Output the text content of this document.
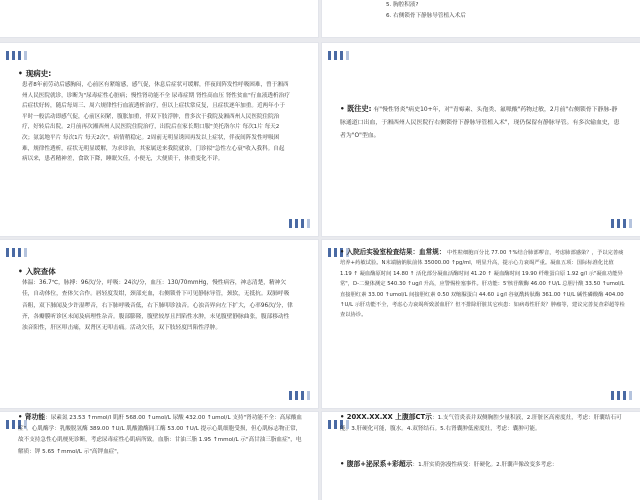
5. 胸腔积液?
6. 右侧锁骨下静脉导管植入术后
• 现病史:

患者8年前劳动后感胸闷，心前区有紧缩感，感气促，休息后症状可缓解，伴夜间阵发性呼吸困难，曾于湘西州人民医院就诊，诊断为"尿毒症性心脏病；慢性肾功能不全 尿毒症期 肾性高血压 肾性贫血"行血液透析治疗后症状好转，随后每周三、周六规律性行血液透析治疗，但以上症状常反复，且症状逐年加重。近两年小于平时一般活动即感气促，心前区闷紧，腹胀加重，伴双下肢浮肿，曾多次于我院及湘西州人民医院住院治疗，好转后出院。2月前再次湘西州人民医院住院治疗，出院后在家长期口服"美托洛尔片 每次1片 每天2次；氨氯地平片 每次1片 每天2次"，病情稍稳定。2周前无明显诱因再发以上症状，伴夜间阵发性呼吸困难，规律性透析，症状无明显缓解，为求诊治，其家属送来我院就诊，门诊拟"急性左心衰"收入我科。自起病以来，患者精神差，食欲下降，睡眠欠佳，小便无，大便质干，体重变化不详。

• 既往史: 有"慢性肾炎"病史10+年，对"青霉素、头孢类、氟哌酸"药物过敏，2月前"右侧锁骨下静脉-静脉通道口出血，于湘西州人民医院行右侧锁骨下静脉导管植入术"，现仍保留有静脉导管。有多次输血史，患者为"O"型血。

• 入院查体

体温：36.7℃，脉搏：96次/分，呼吸：24次/分，血压：130/70mmHg，慢性病容，神志清楚，精神欠佳，自动体位，查体欠合作。唇轻度发绀，颈部充血，右侧锁骨下可见静脉导管，颈软，无抵抗。双肺呼吸音粗，双下肺闻及少许湿啰音，右下肺呼吸音低，右下肺叩诊浊音。心浊音界向左下扩大，心率96次/分，律齐，各瓣膜听诊区未闻及病理性杂音。腹部膨隆，腹壁较厚且凹陷性水肿，未见腹壁静脉曲张，腹部移动性浊音阳性，肝区叩击痛，双肾区无叩击痛。活动欠佳，双下肢轻度凹陷性浮肿。

• 入院后实验室检查结果：血常规： 中性粒细胞百分比 77.00 ↑%结合肺部啰音，考虑肺部感染？，予以完善痰培养+药敏试验。N末端脑钠肽前体 35000.00 ↑pg/ml，明显升高，提示心力衰竭严重。凝血五项：国际标准化比值 1.19 ↑ 凝血酶原时间 14.80 ↑ 活化部分凝血活酶时间 41.20 ↑ 凝血酶时间 19.90 纤维蛋白原 1.92 g/l 示"凝血功能异常"，D-二聚体测定 540.30 ↑ug/l 升高，应警惕栓塞事件。肝功能：5'核苷酸酶 46.00 ↑U/L 总胆汁酸 33.50 ↑umol/L 直接胆红素 33.00 ↑umol/L 间接胆红素 0.50 双缩脲蛋白 44.60 ↓g/l 谷氨酰转肽酶 361.00 ↑U/L 碱性磷酸酶 404.00 ↑U/L 示肝功能不全，考虑心力衰竭所致淤血肝？但不排除肝脏其它疾患：如病毒性肝炎？肿瘤等，建议完善复查彩超等检查以协诊。

• 肾功能：尿素氮 23.53 ↑mmol/l 肌酐 568.00 ↑umol/L 尿酸 432.00 ↑umol/L 支持"肾功能不全：高尿酸血症"。心肌酶学：乳酸脱氢酶 389.00 ↑U/L 肌酸激酶同工酶 53.00 ↑U/L 提示心肌细胞受损，但心肌标志物正常，故不支持急性心肌梗死诊断，考虑尿毒症性心肌病所致。血脂：甘油三脂 1.95 ↑mmol/L 示"高甘油三脂血症"，电解质：钾 5.65 ↑mmol/L 示"高钾血症"，

• 20XX.XX.XX 上腹部CT示：1.支气管炎表并双侧胸腔少量积液，2.肝脏区高密度灶，考虑：肝囊结石可能。3.肝硬化可能，腹水。4.双肾结石。5.右肾囊肿低密度灶，考虑：囊肿可能。

• 腹部+泌尿系+彩超示：1.肝实质弥漫性病变：肝硬化。2.肝囊声像改变多考虑：
